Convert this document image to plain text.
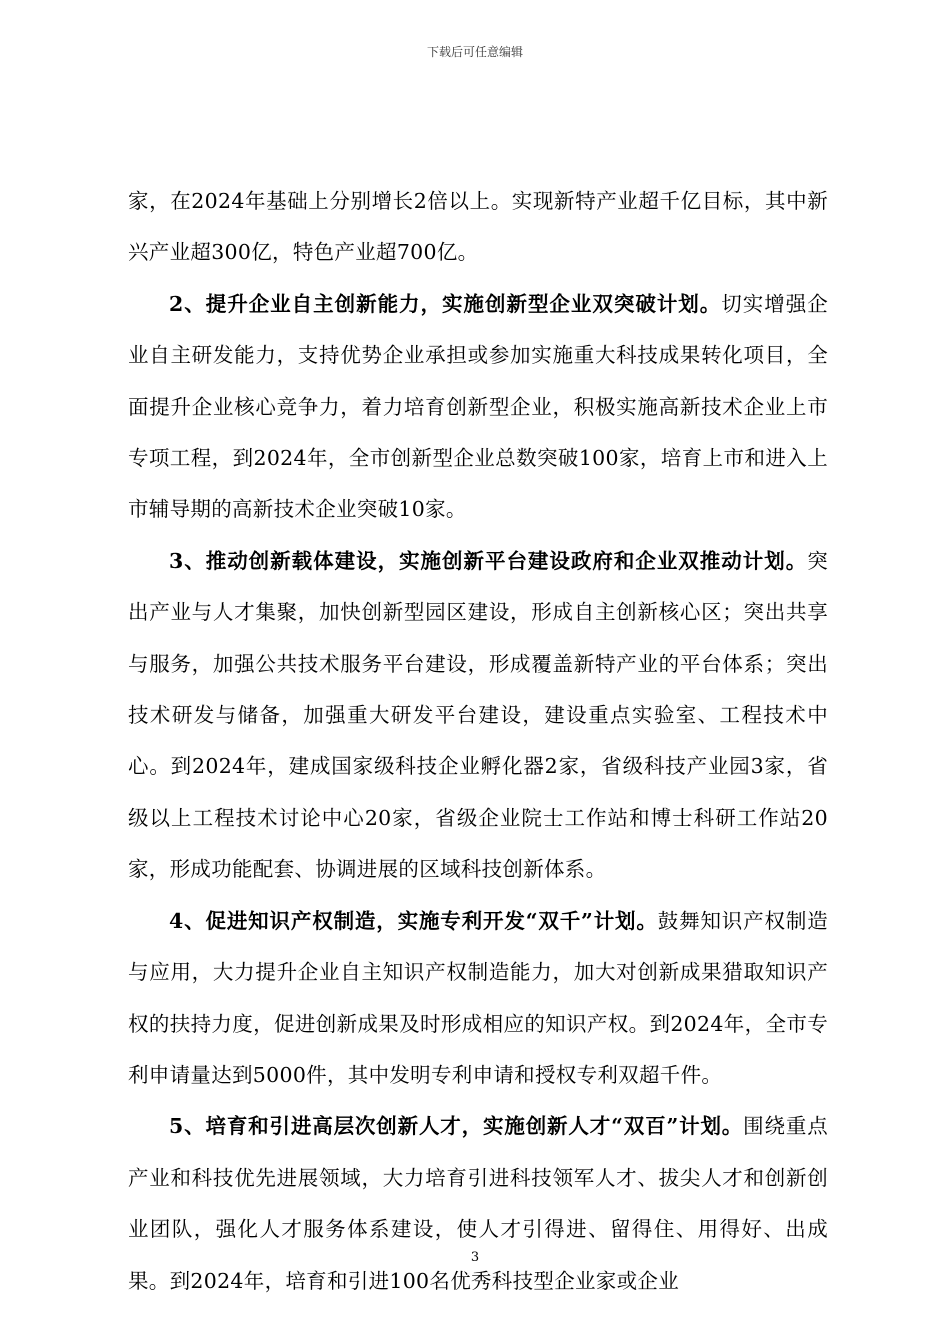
下载后可任意编辑

家，在2024年基础上分别增长2倍以上。实现新特产业超千亿目标，其中新兴产业超300亿，特色产业超700亿。

2、提升企业自主创新能力，实施创新型企业双突破计划。切实增强企业自主研发能力，支持优势企业承担或参加实施重大科技成果转化项目，全面提升企业核心竞争力，着力培育创新型企业，积极实施高新技术企业上市专项工程，到2024年，全市创新型企业总数突破100家，培育上市和进入上市辅导期的高新技术企业突破10家。

3、推动创新载体建设，实施创新平台建设政府和企业双推动计划。突出产业与人才集聚，加快创新型园区建设，形成自主创新核心区；突出共享与服务，加强公共技术服务平台建设，形成覆盖新特产业的平台体系；突出技术研发与储备，加强重大研发平台建设，建设重点实验室、工程技术中心。到2024年，建成国家级科技企业孵化器2家，省级科技产业园3家，省级以上工程技术讨论中心20家，省级企业院士工作站和博士科研工作站20家，形成功能配套、协调进展的区域科技创新体系。

4、促进知识产权制造，实施专利开发“双千”计划。鼓舞知识产权制造与应用，大力提升企业自主知识产权制造能力，加大对创新成果猎取知识产权的扶持力度，促进创新成果及时形成相应的知识产权。到2024年，全市专利申请量达到5000件，其中发明专利申请和授权专利双超千件。

5、培育和引进高层次创新人才，实施创新人才“双百”计划。围绕重点产业和科技优先进展领域，大力培育引进科技领军人才、拔尖人才和创新创业团队，强化人才服务体系建设，使人才引得进、留得住、用得好、出成果。到2024年，培育和引进100名优秀科技型企业家或企业

3
